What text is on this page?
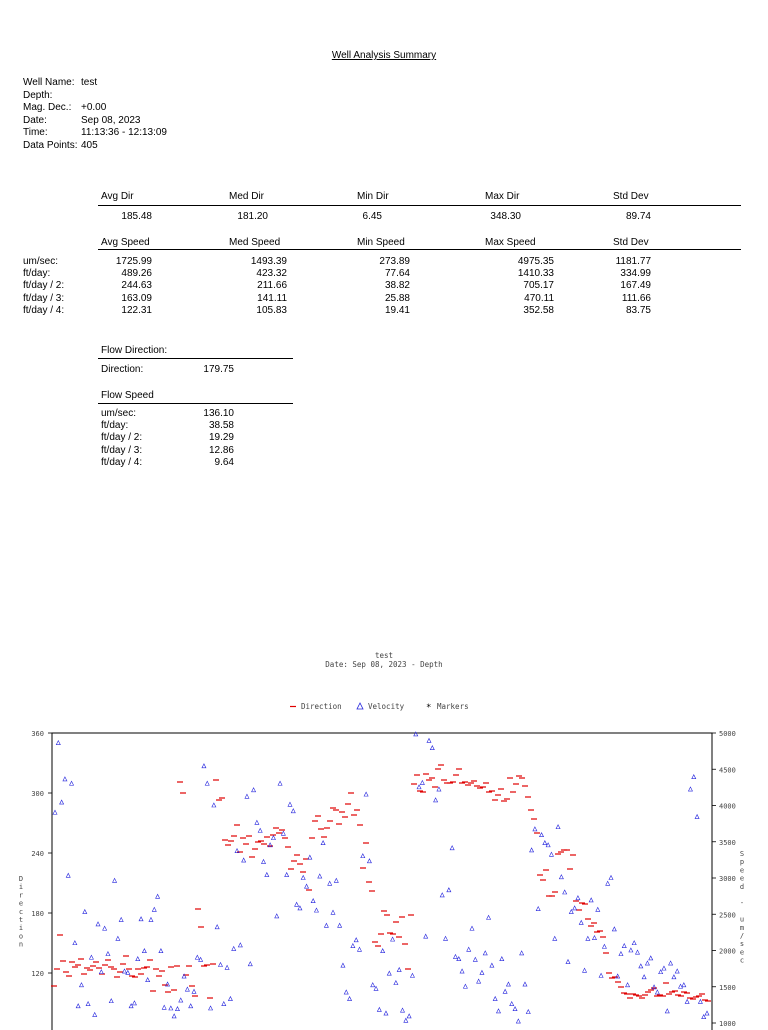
Well Analysis Summary
Well Name: test
Depth:
Mag. Dec.: +0.00
Date:	Sep 08, 2023
Time:	11:13:36 - 12:13:09
Data Points: 405
Avg Dir	Med Dir	Min Dir	Max Dir	Std Dev
185.48	181.20	6.45	348.30	89.74
Avg Speed	Med Speed	Min Speed	Max Speed	Std Dev
um/sec:	1725.99	1493.39	273.89	4975.35	1181.77
ft/day:	489.26	423.32	77.64	1410.33	334.99
ft/day / 2:	244.63	211.66	38.82	705.17	167.49
ft/day / 3:	163.09	141.11	25.88	470.11	111.66
ft/day / 4:	122.31	105.83	19.41	352.58	83.75
Flow Direction:
Direction:	179.75
Flow Speed
um/sec:	136.10
ft/day:	38.58
ft/day / 2:	19.29
ft/day / 3:	12.86
ft/day / 4:	9.64
test
Date: Sep 08, 2023 - Depth
Direction	Velocity * Markers
360
300
240
180
120
5000
4500
4000
3500
3000
2500
2000
1500
1000
D
i
r
e
c
t
i
o
n
S
p
e
e
d
-
u
m
/
s
e
c
